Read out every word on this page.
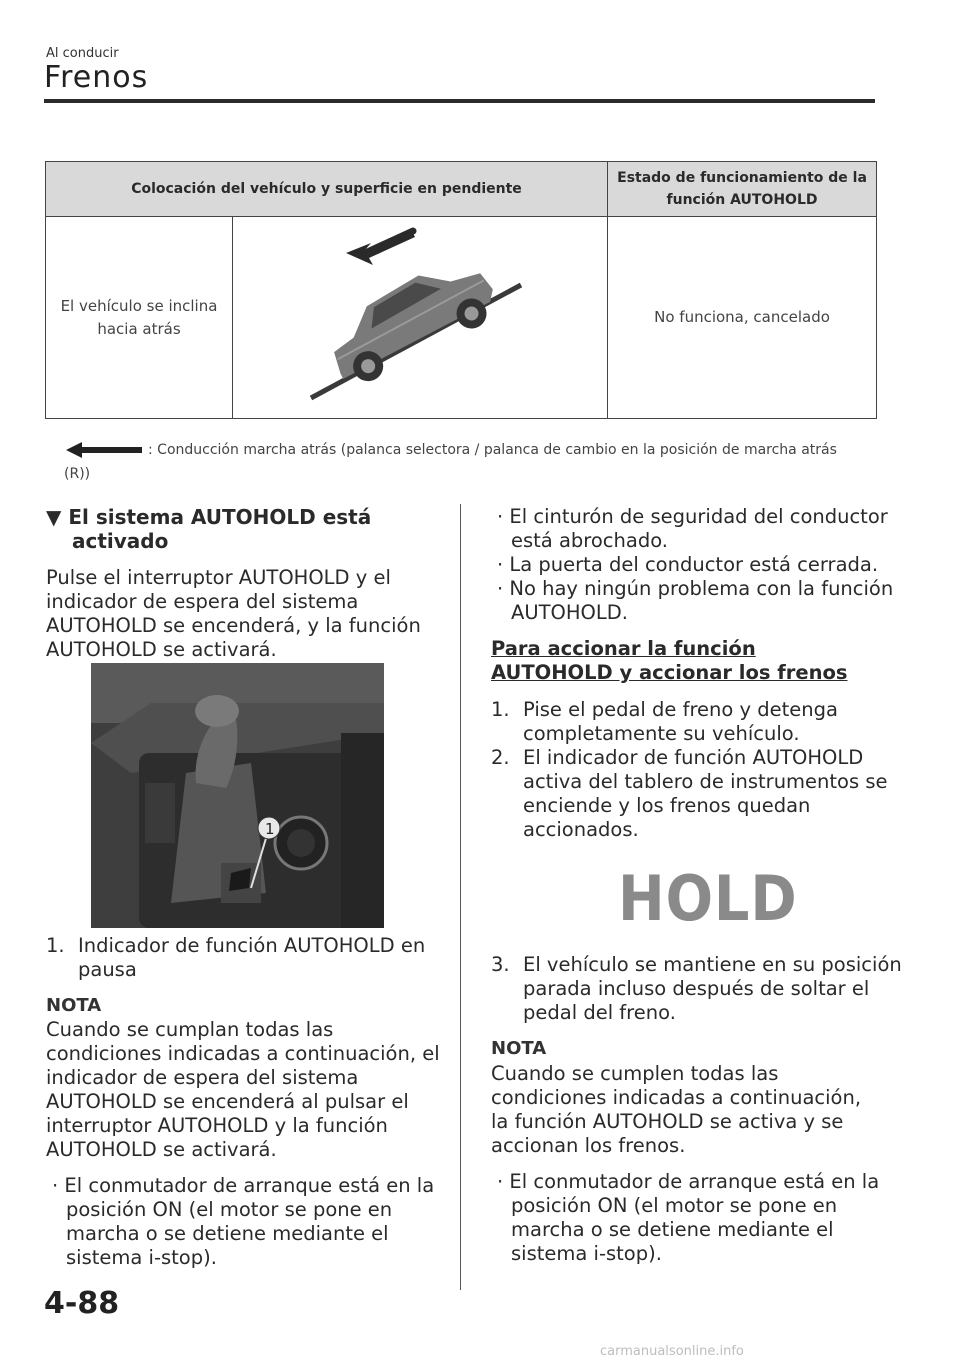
Al conducir
Frenos
Colocación del vehículo y superficie en pendiente		Estado de funcionamiento de la función AUTOHOLD
El vehículo se inclina hacia atrás		No funciona, cancelado
: Conducción marcha atrás (palanca selectora / palanca de cambio en la posición de marcha atrás (R))
▼ El sistema AUTOHOLD está activado
Pulse el interruptor AUTOHOLD y el indicador de espera del sistema AUTOHOLD se encenderá, y la función AUTOHOLD se activará.
1
1. Indicador de función AUTOHOLD en pausa
NOTA
Cuando se cumplan todas las condiciones indicadas a continuación, el indicador de espera del sistema AUTOHOLD se encenderá al pulsar el interruptor AUTOHOLD y la función AUTOHOLD se activará.
· El conmutador de arranque está en la posición ON (el motor se pone en marcha o se detiene mediante el sistema i-stop).
· El cinturón de seguridad del conductor está abrochado.
· La puerta del conductor está cerrada.
· No hay ningún problema con la función AUTOHOLD.
Para accionar la función AUTOHOLD y accionar los frenos
1. Pise el pedal de freno y detenga completamente su vehículo.
2. El indicador de función AUTOHOLD activa del tablero de instrumentos se enciende y los frenos quedan accionados.
HOLD
3. El vehículo se mantiene en su posición parada incluso después de soltar el pedal del freno.
NOTA
Cuando se cumplen todas las condiciones indicadas a continuación, la función AUTOHOLD se activa y se accionan los frenos.
· El conmutador de arranque está en la posición ON (el motor se pone en marcha o se detiene mediante el sistema i-stop).
4-88
carmanualsonline.info
